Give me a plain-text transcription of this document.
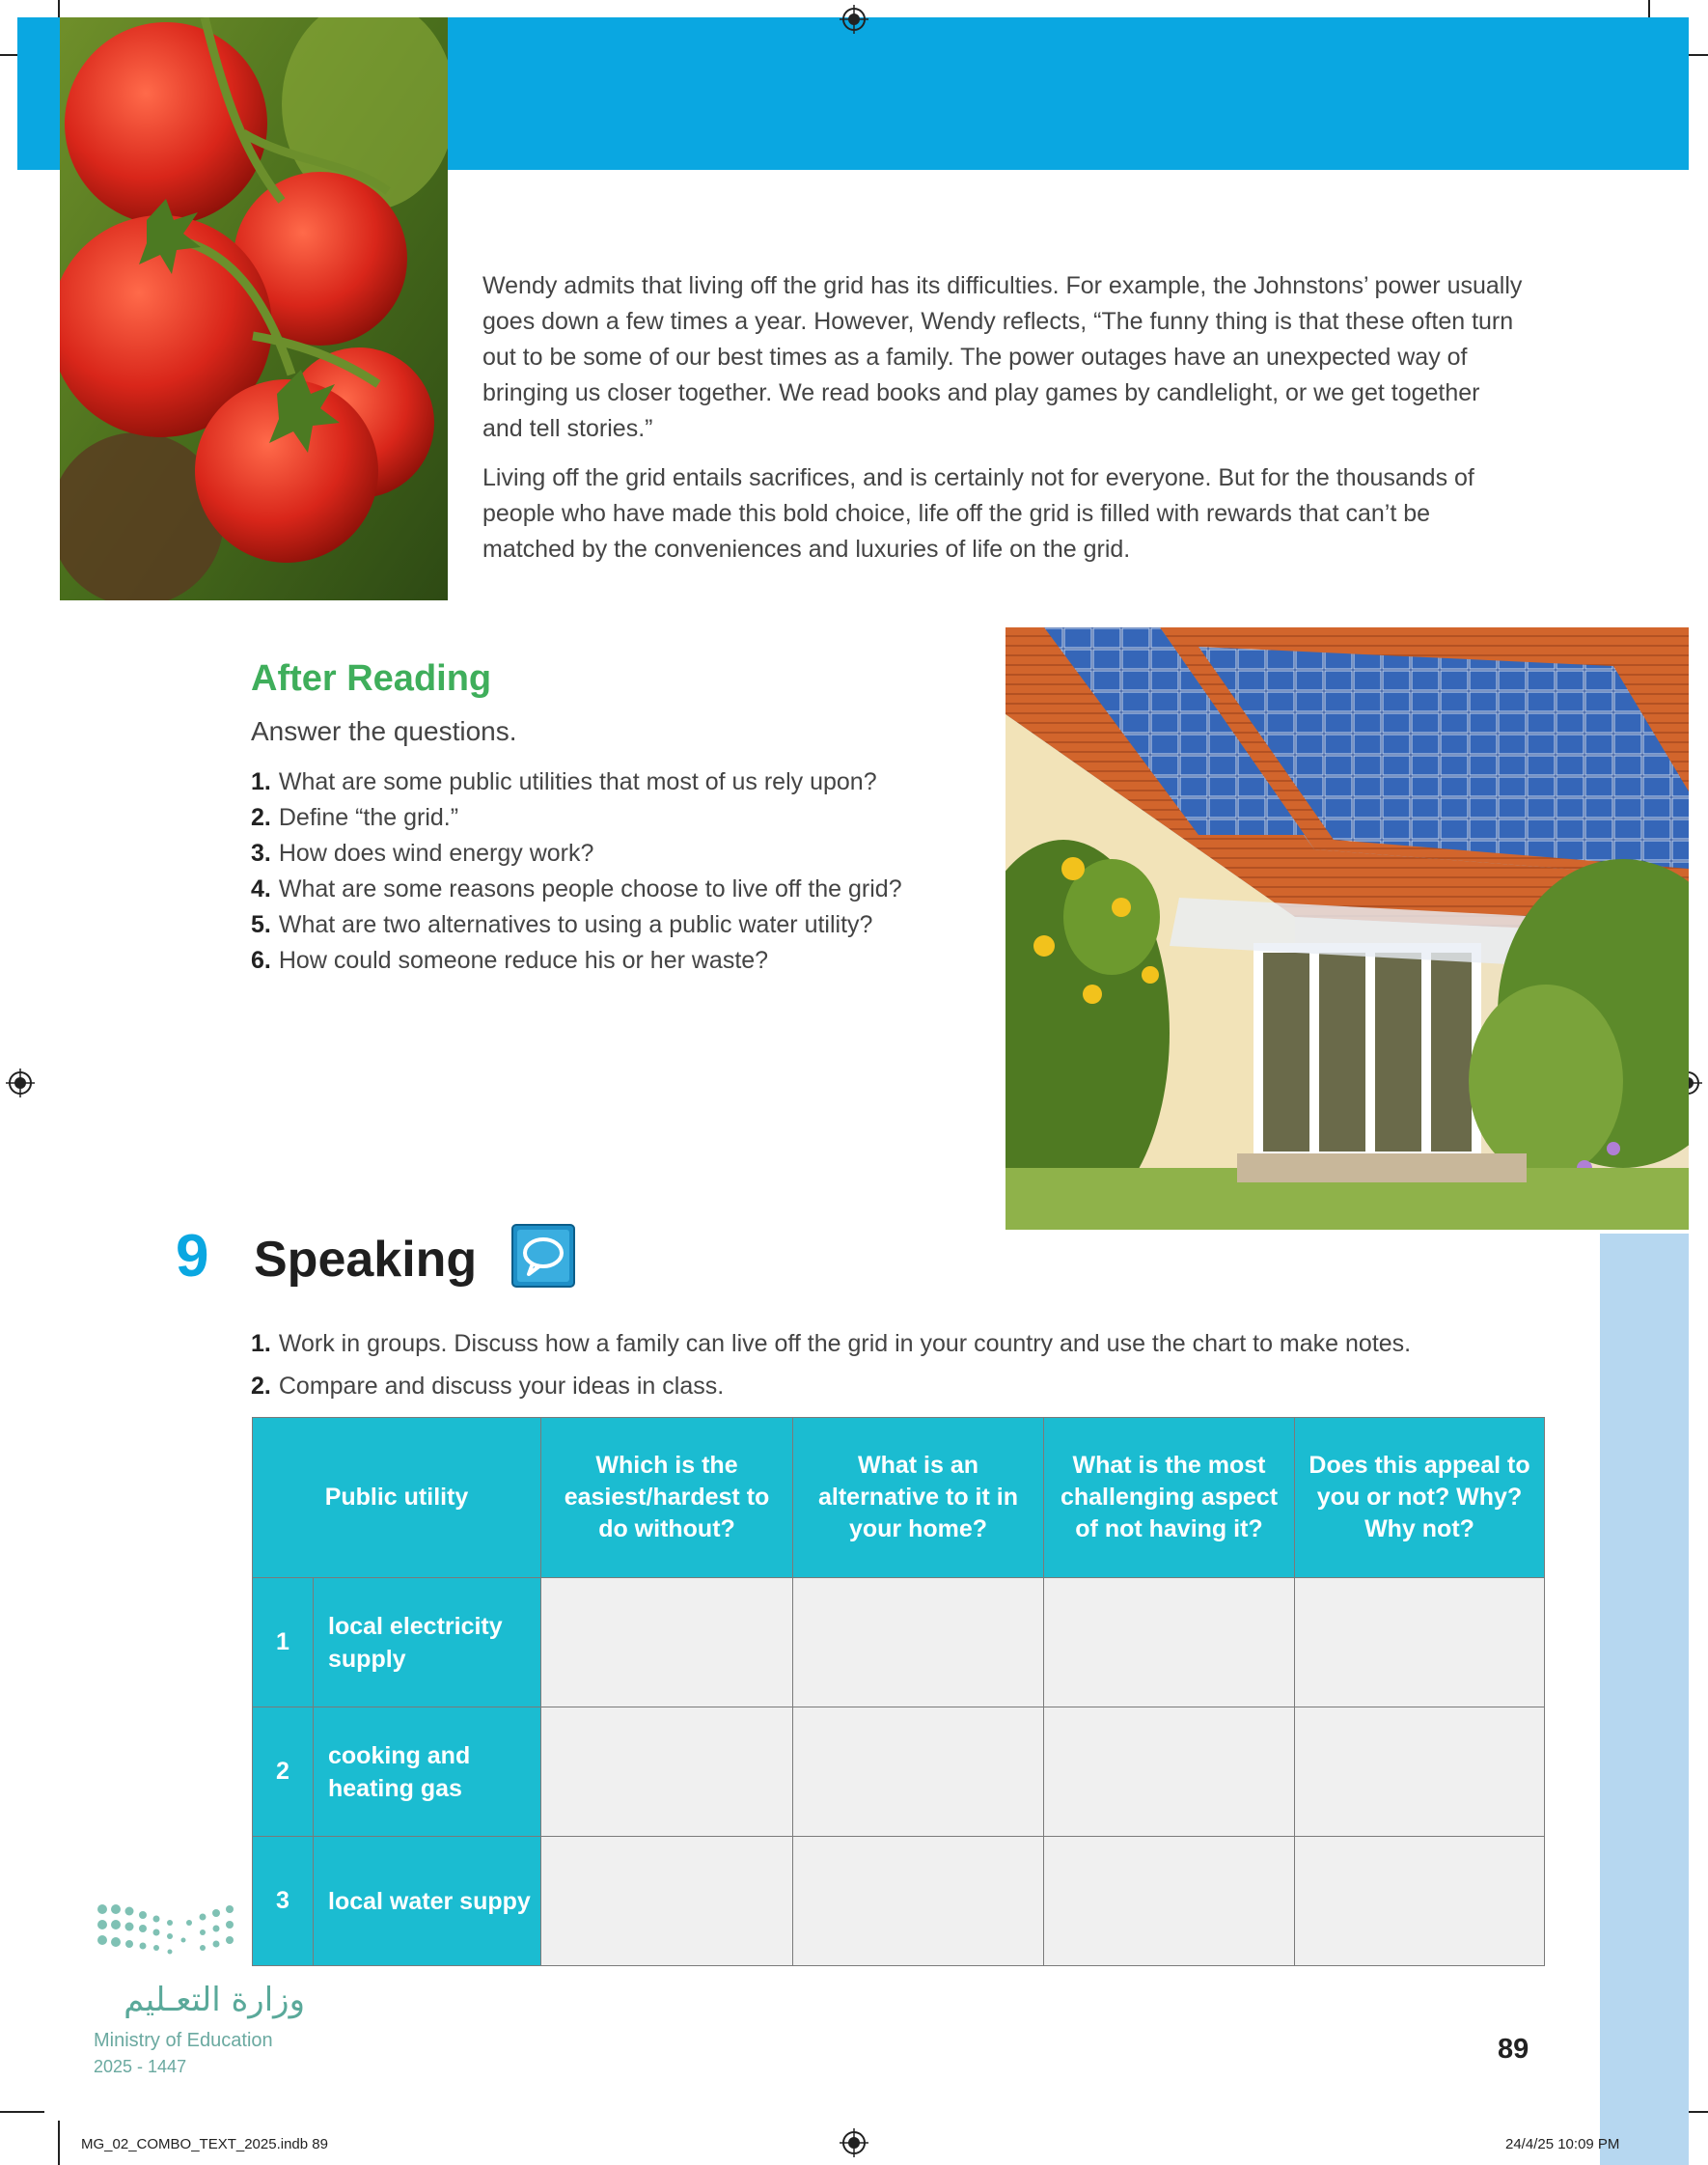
Wendy admits that living off the grid has its difficulties. For example, the Johnstons’ power usually goes down a few times a year. However, Wendy reflects, “The funny thing is that these often turn out to be some of our best times as a family. The power outages have an unexpected way of bringing us closer together. We read books and play games by candlelight, or we get together and tell stories.”

Living off the grid entails sacrifices, and is certainly not for everyone. But for the thousands of people who have made this bold choice, life off the grid is filled with rewards that can’t be matched by the conveniences and luxuries of life on the grid.

After Reading
Answer the questions.
1. What are some public utilities that most of us rely upon?
2. Define “the grid.”
3. How does wind energy work?
4. What are some reasons people choose to live off the grid?
5. What are two alternatives to using a public water utility?
6. How could someone reduce his or her waste?
9 Speaking
1. Work in groups. Discuss how a family can live off the grid in your country and use the chart to make notes.
2. Compare and discuss your ideas in class.
Public utility		Which is the easiest/hardest to do without?	What is an alternative to it in your home?	What is the most challenging aspect of not having it?	Does this appeal to you or not? Why? Why not?
1	local electricity supply				
2	cooking and heating gas				
3	local water suppy				
وزارة التعـليم
Ministry of Education
2025 - 1447
89
MG_02_COMBO_TEXT_2025.indb 89	24/4/25 10:09 PM
